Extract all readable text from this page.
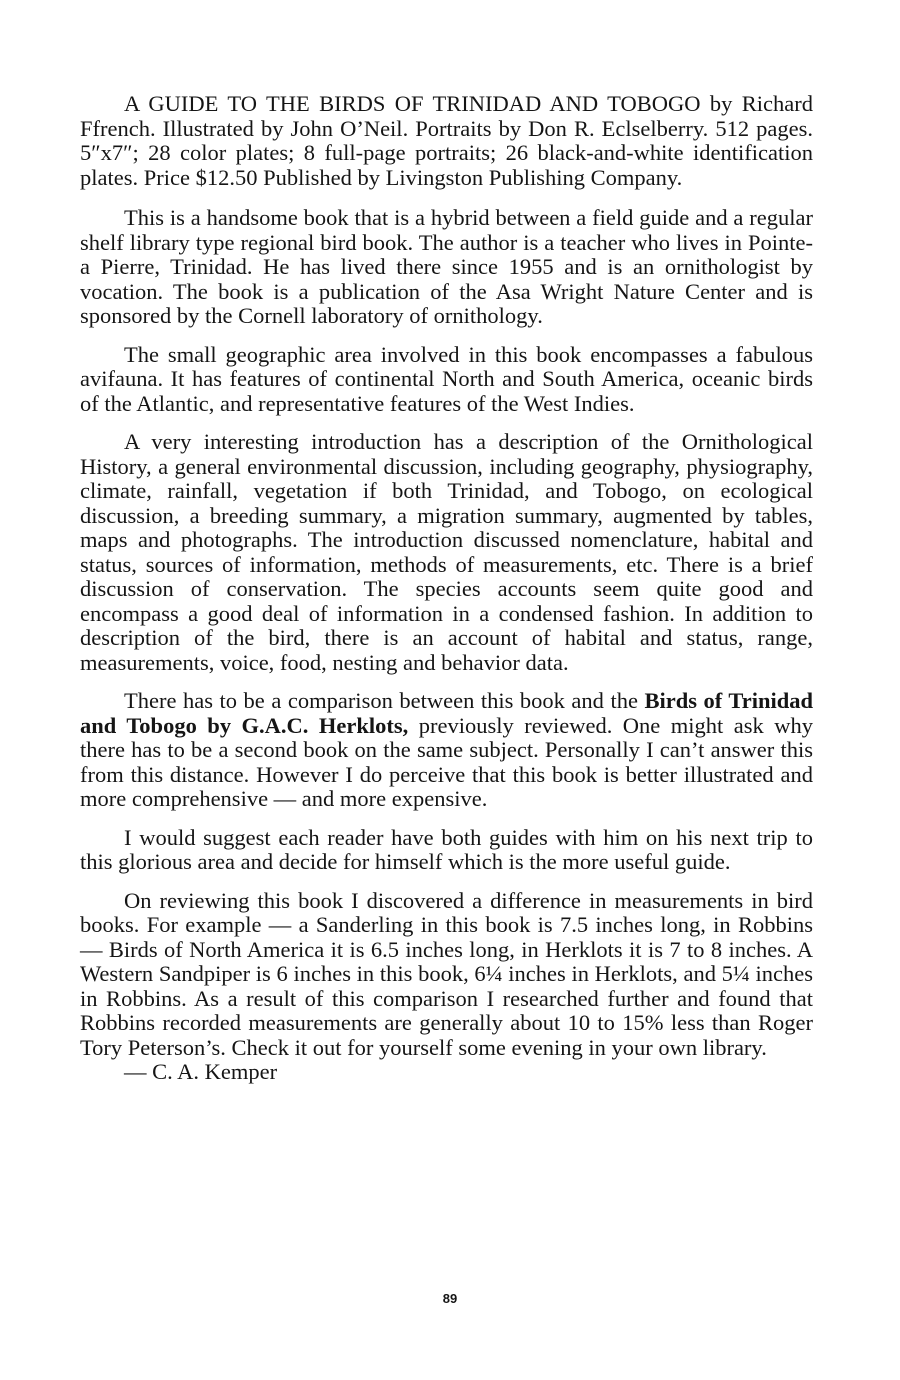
A GUIDE TO THE BIRDS OF TRINIDAD AND TOBOGO by Richard Ffrench. Illustrated by John O’Neil. Portraits by Don R. Eclselberry. 512 pages. 5″x7″; 28 color plates; 8 full-page portraits; 26 black-and-white identification plates. Price $12.50 Published by Livingston Publishing Company.

This is a handsome book that is a hybrid between a field guide and a regular shelf library type regional bird book. The author is a teacher who lives in Pointe-a Pierre, Trinidad. He has lived there since 1955 and is an ornithologist by vocation. The book is a publication of the Asa Wright Nature Center and is sponsored by the Cornell laboratory of ornithology.

The small geographic area involved in this book encompasses a fabulous avifauna. It has features of continental North and South America, oceanic birds of the Atlantic, and representative features of the West Indies.

A very interesting introduction has a description of the Ornithological History, a general environmental discussion, including geography, physiography, climate, rainfall, vegetation if both Trinidad, and Tobogo, on ecological discussion, a breeding summary, a migration summary, augmented by tables, maps and photographs. The introduction discussed nomenclature, habital and status, sources of information, methods of measurements, etc. There is a brief discussion of conservation. The species accounts seem quite good and encompass a good deal of information in a condensed fashion. In addition to description of the bird, there is an account of habital and status, range, measurements, voice, food, nesting and behavior data.

There has to be a comparison between this book and the Birds of Trinidad and Tobogo by G.A.C. Herklots, previously reviewed. One might ask why there has to be a second book on the same subject. Personally I can’t answer this from this distance. However I do perceive that this book is better illustrated and more comprehensive — and more expensive.

I would suggest each reader have both guides with him on his next trip to this glorious area and decide for himself which is the more useful guide.

On reviewing this book I discovered a difference in measurements in bird books. For example — a Sanderling in this book is 7.5 inches long, in Robbins — Birds of North America it is 6.5 inches long, in Herklots it is 7 to 8 inches. A Western Sandpiper is 6 inches in this book, 6¼ inches in Herklots, and 5¼ inches in Robbins. As a result of this comparison I researched further and found that Robbins recorded measurements are generally about 10 to 15% less than Roger Tory Peterson’s. Check it out for yourself some evening in your own library.

— C. A. Kemper

89
